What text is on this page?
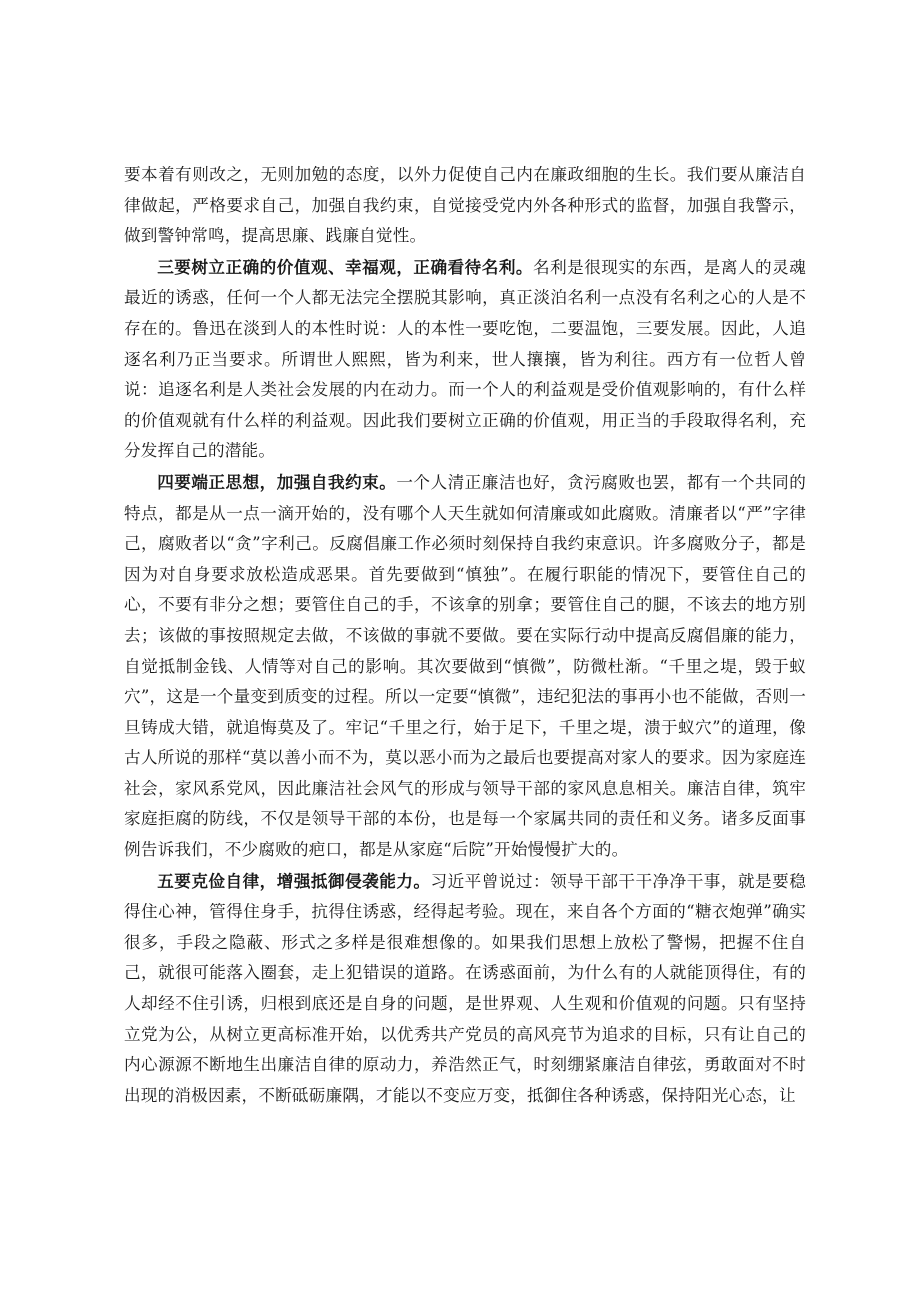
要本着有则改之，无则加勉的态度，以外力促使自己内在廉政细胞的生长。我们要从廉洁自律做起，严格要求自己，加强自我约束，自觉接受党内外各种形式的监督，加强自我警示，做到警钟常鸣，提高思廉、践廉自觉性。

三要树立正确的价值观、幸福观，正确看待名利。名利是很现实的东西，是离人的灵魂最近的诱惑，任何一个人都无法完全摆脱其影响，真正淡泊名利一点没有名利之心的人是不存在的。鲁迅在淡到人的本性时说：人的本性一要吃饱，二要温饱，三要发展。因此，人追逐名利乃正当要求。所谓世人熙熙，皆为利来，世人攘攘，皆为利往。西方有一位哲人曾说：追逐名利是人类社会发展的内在动力。而一个人的利益观是受价值观影响的，有什么样的价值观就有什么样的利益观。因此我们要树立正确的价值观，用正当的手段取得名利，充分发挥自己的潜能。

四要端正思想，加强自我约束。一个人清正廉洁也好，贪污腐败也罢，都有一个共同的特点，都是从一点一滴开始的，没有哪个人天生就如何清廉或如此腐败。清廉者以“严”字律己，腐败者以“贪”字利己。反腐倡廉工作必须时刻保持自我约束意识。许多腐败分子，都是因为对自身要求放松造成恶果。首先要做到“慎独”。在履行职能的情况下，要管住自己的心，不要有非分之想；要管住自己的手，不该拿的别拿；要管住自己的腿，不该去的地方别去；该做的事按照规定去做，不该做的事就不要做。要在实际行动中提高反腐倡廉的能力，自觉抵制金钱、人情等对自己的影响。其次要做到“慎微”，防微杜渐。“千里之堤，毁于蚁穴”，这是一个量变到质变的过程。所以一定要“慎微”，违纪犯法的事再小也不能做，否则一旦铸成大错，就追悔莫及了。牢记“千里之行，始于足下，千里之堤，溃于蚁穴”的道理，像古人所说的那样“莫以善小而不为，莫以恶小而为之最后也要提高对家人的要求。因为家庭连社会，家风系党风，因此廉洁社会风气的形成与领导干部的家风息息相关。廉洁自律，筑牢家庭拒腐的防线，不仅是领导干部的本份，也是每一个家属共同的责任和义务。诸多反面事例告诉我们，不少腐败的疤口，都是从家庭“后院”开始慢慢扩大的。

五要克俭自律，增强抵御侵袭能力。习近平曾说过：领导干部干干净净干事，就是要稳得住心神，管得住身手，抗得住诱惑，经得起考验。现在，来自各个方面的“糖衣炮弹”确实很多，手段之隐蔽、形式之多样是很难想像的。如果我们思想上放松了警惕，把握不住自己，就很可能落入圈套，走上犯错误的道路。在诱惑面前，为什么有的人就能顶得住，有的人却经不住引诱，归根到底还是自身的问题，是世界观、人生观和价值观的问题。只有坚持立党为公，从树立更高标准开始，以优秀共产党员的高风亮节为追求的目标，只有让自己的内心源源不断地生出廉洁自律的原动力，养浩然正气，时刻绷紧廉洁自律弦，勇敢面对不时出现的消极因素，不断砥砺廉隅，才能以不变应万变，抵御住各种诱惑，保持阳光心态，让
